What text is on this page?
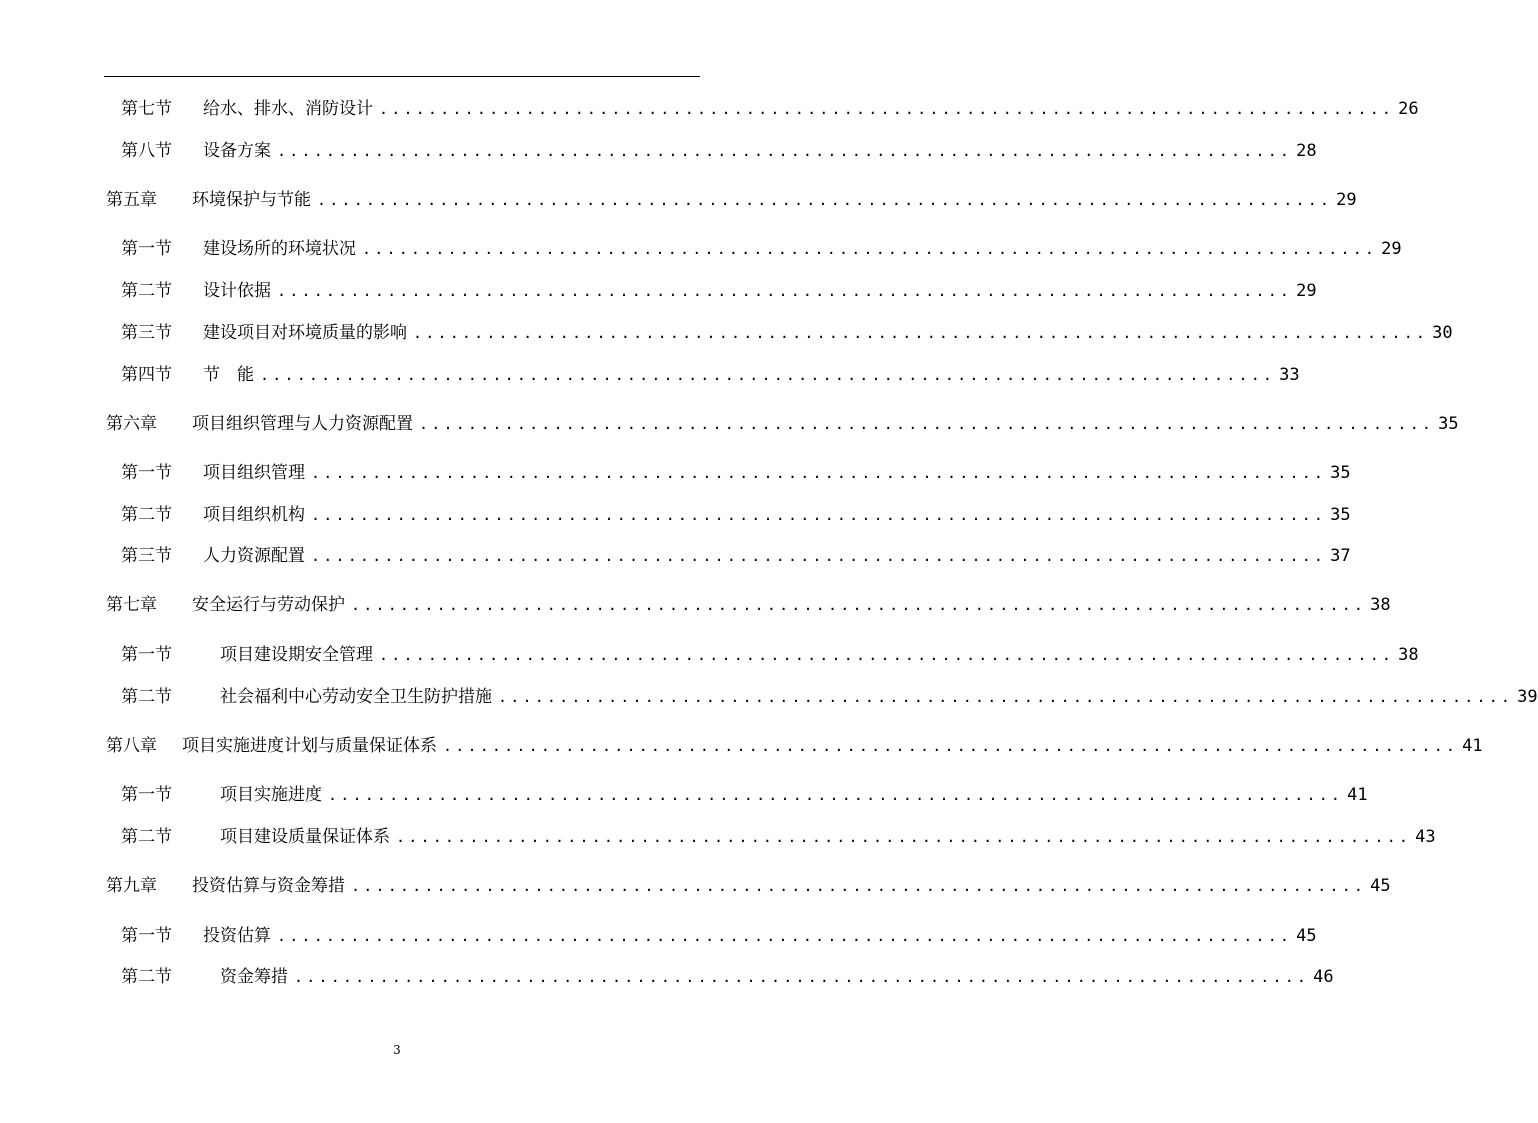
第七节	给水、排水、消防设计 ................................................................................... 26
第八节	设备方案 ................................................................................... 28
第五章	环境保护与节能 ................................................................................... 29
第一节	建设场所的环境状况 ................................................................................... 29
第二节	设计依据 ................................................................................... 29
第三节	建设项目对环境质量的影响 ................................................................................... 30
第四节	节　能 ................................................................................... 33
第六章	项目组织管理与人力资源配置 ................................................................................... 35
第一节	项目组织管理 ................................................................................... 35
第二节	项目组织机构 ................................................................................... 35
第三节	人力资源配置 ................................................................................... 37
第七章	安全运行与劳动保护 ................................................................................... 38
第一节	项目建设期安全管理 ................................................................................... 38
第二节	社会福利中心劳动安全卫生防护措施 ................................................................................... 39
第八章	项目实施进度计划与质量保证体系 ................................................................................... 41
第一节	项目实施进度 ................................................................................... 41
第二节	项目建设质量保证体系 ................................................................................... 43
第九章	投资估算与资金筹措 ................................................................................... 45
第一节	投资估算 ................................................................................... 45
第二节	资金筹措 ................................................................................... 46
3
